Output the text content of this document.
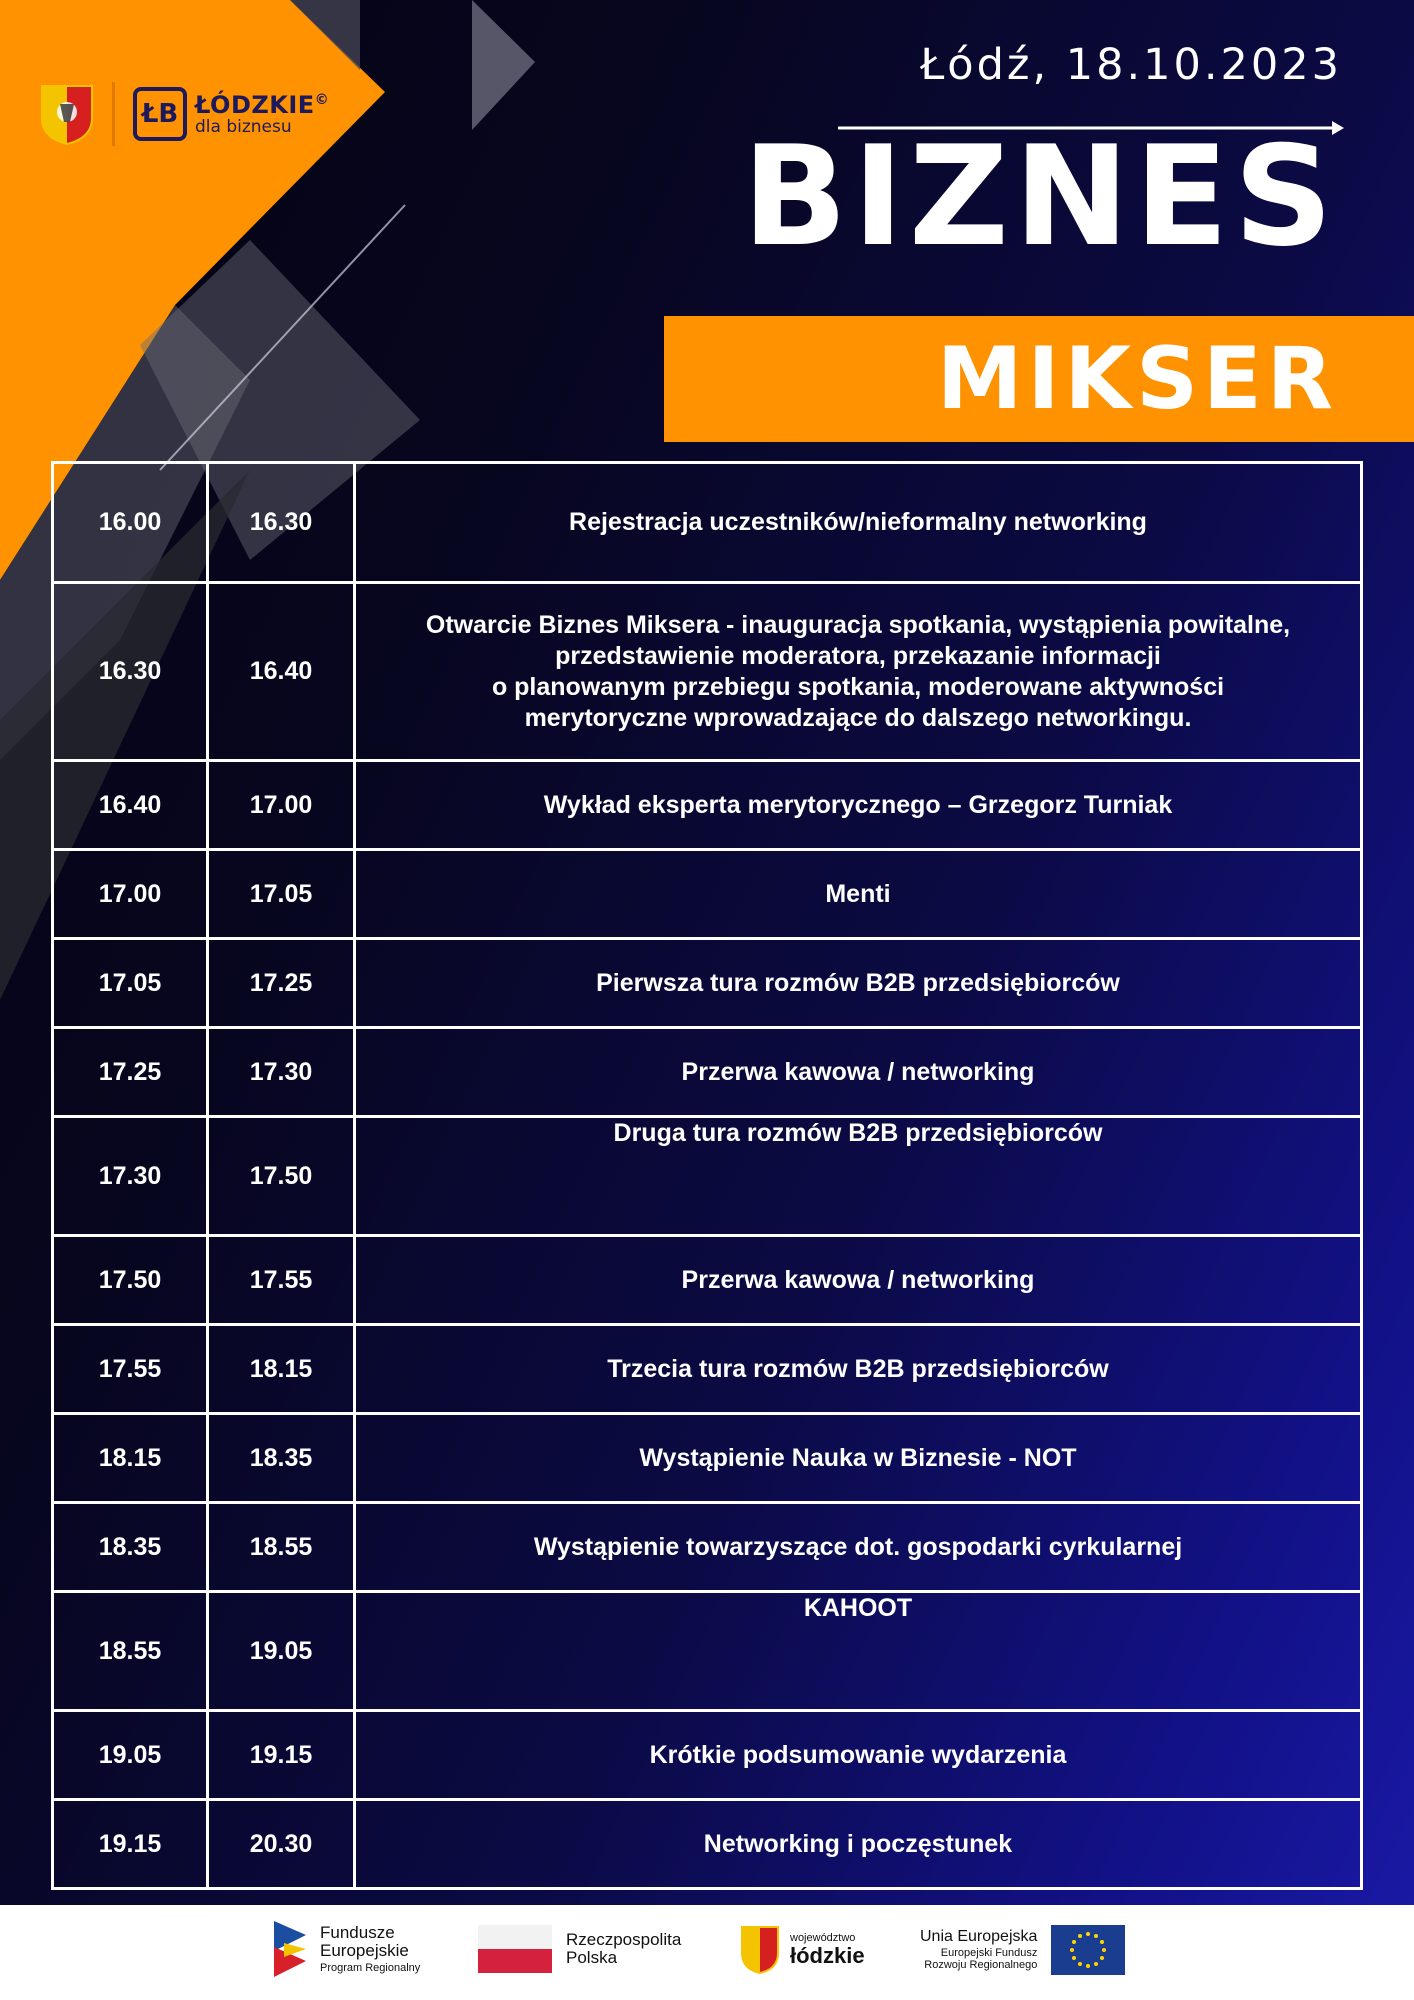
ŁB ŁÓDZKIE©
dla biznesu
Łódź, 18.10.2023
BIZNES
MIKSER
16.00	16.30	Rejestracja uczestników/nieformalny networking
16.30	16.40	Otwarcie Biznes Miksera - inauguracja spotkania, wystąpienia powitalne,
przedstawienie moderatora, przekazanie informacji
o planowanym przebiegu spotkania, moderowane aktywności
merytoryczne wprowadzające do dalszego networkingu.
16.40	17.00	Wykład eksperta merytorycznego – Grzegorz Turniak
17.00	17.05	Menti
17.05	17.25	Pierwsza tura rozmów B2B przedsiębiorców
17.25	17.30	Przerwa kawowa / networking
17.30	17.50	Druga tura rozmów B2B przedsiębiorców
17.50	17.55	Przerwa kawowa / networking
17.55	18.15	Trzecia tura rozmów B2B przedsiębiorców
18.15	18.35	Wystąpienie Nauka w Biznesie - NOT
18.35	18.55	Wystąpienie towarzyszące dot. gospodarki cyrkularnej
18.55	19.05	KAHOOT
19.05	19.15	Krótkie podsumowanie wydarzenia
19.15	20.30	Networking i poczęstunek
Fundusze
Europejskie
Program Regionalny
Rzeczpospolita
Polska
województwo
łódzkie
Unia Europejska
Europejski Fundusz
Rozwoju Regionalnego
